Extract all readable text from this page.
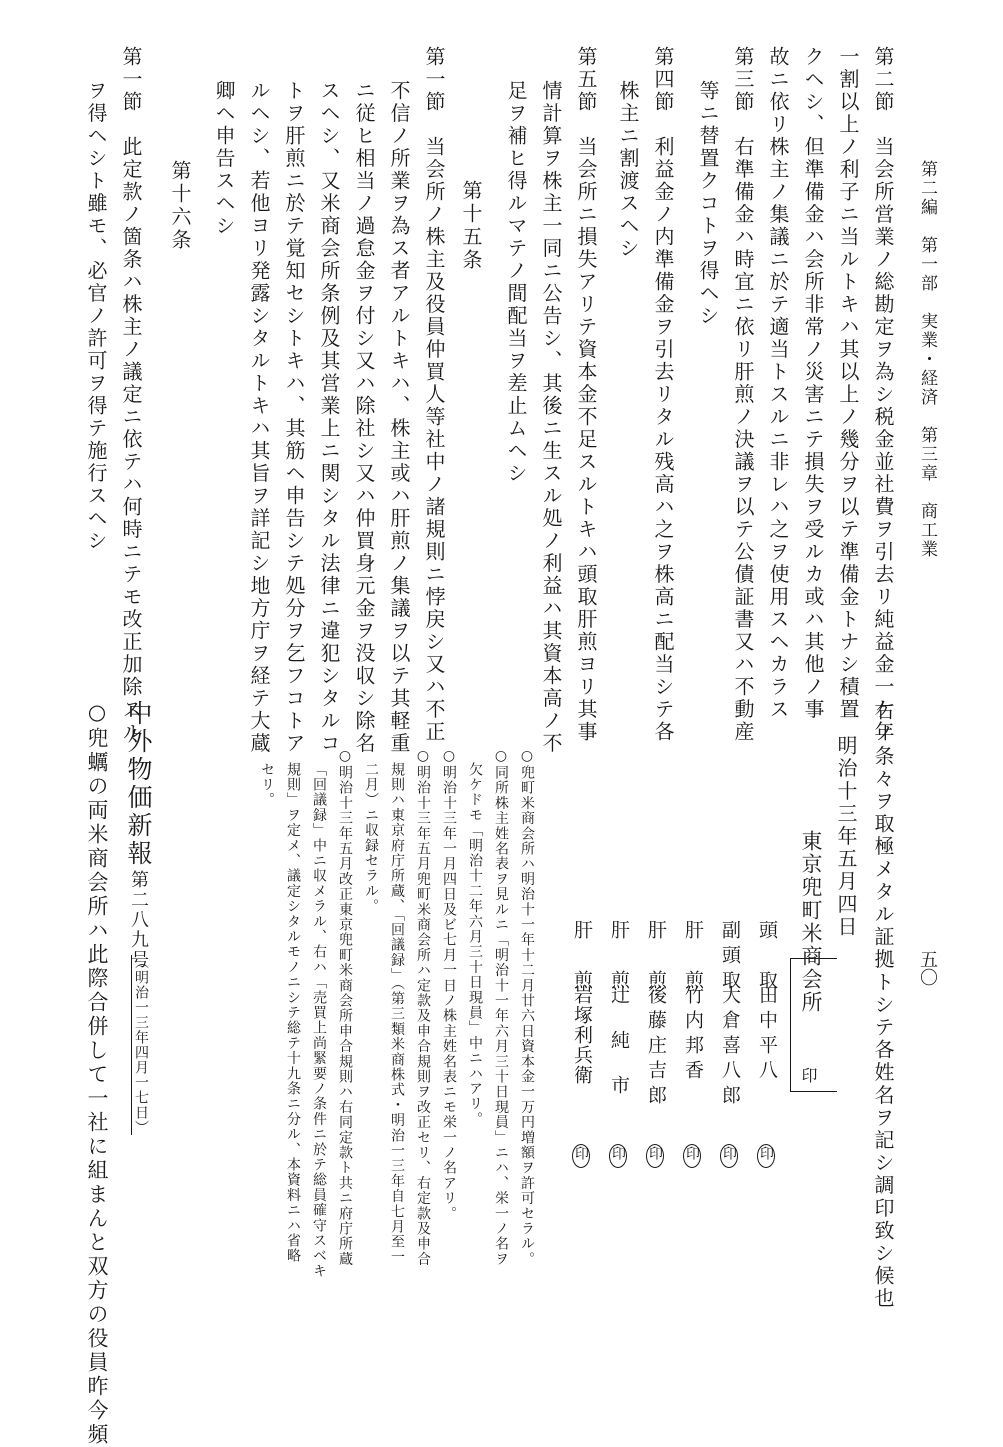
第二編　第一部　実業・経済　第三章　商工業
五〇
第二節　当会所営業ノ総勘定ヲ為シ税金並社費ヲ引去リ純益金一ケ年
一割以上ノ利子ニ当ルトキハ其以上ノ幾分ヲ以テ準備金トナシ積置
クヘシ、但準備金ハ会所非常ノ災害ニテ損失ヲ受ルカ或ハ其他ノ事
故ニ依リ株主ノ集議ニ於テ適当トスルニ非レハ之ヲ使用スヘカラス
第三節　右準備金ハ時宜ニ依リ肝煎ノ決議ヲ以テ公債証書又ハ不動産
等ニ替置クコトヲ得ヘシ
第四節　利益金ノ内準備金ヲ引去リタル残高ハ之ヲ株高ニ配当シテ各
株主ニ割渡スヘシ
第五節　当会所ニ損失アリテ資本金不足スルトキハ頭取肝煎ヨリ其事
情計算ヲ株主一同ニ公告シ、其後ニ生スル処ノ利益ハ其資本高ノ不
足ヲ補ヒ得ルマテノ間配当ヲ差止ムヘシ
第十五条
第一節　当会所ノ株主及役員仲買人等社中ノ諸規則ニ悖戻シ又ハ不正
不信ノ所業ヲ為ス者アルトキハ、株主或ハ肝煎ノ集議ヲ以テ其軽重
ニ従ヒ相当ノ過怠金ヲ付シ又ハ除社シ又ハ仲買身元金ヲ没収シ除名
スヘシ、又米商会所条例及其営業上ニ関シタル法律ニ違犯シタルコ
トヲ肝煎ニ於テ覚知セシトキハ、其筋ヘ申告シテ処分ヲ乞フコトア
ルヘシ、若他ヨリ発露シタルトキハ其旨ヲ詳記シ地方庁ヲ経テ大蔵
卿ヘ申告スヘシ
第十六条
第一節　此定款ノ箇条ハ株主ノ議定ニ依テハ何時ニテモ改正加除スル
ヲ得ヘシト雖モ、必官ノ許可ヲ得テ施行スヘシ
右ノ条々ヲ取極メタル証拠トシテ各姓名ヲ記シ調印致シ候也
明治十三年五月四日
東京兜町米商会所
印
頭　取
田中平八
印
副頭取
大倉喜八郎
印
肝　煎
竹内邦香
印
肝　煎
後藤庄吉郎
印
肝　煎
辻純市
印
肝　煎
岩塚利兵衛
印
○兜町米商会所ハ明治十一年十二月廿六日資本金一万円増額ヲ許可セラル。
○同所株主姓名表ヲ見ルニ「明治十一年六月三十日現員」ニハ、栄一ノ名ヲ
欠ケドモ「明治十二年六月三十日現員」中ニハアリ。
○明治十三年一月四日及ビ七月一日ノ株主姓名表ニモ栄一ノ名アリ。
○明治十三年五月兜町米商会所ハ定款及申合規則ヲ改正セリ、右定款及申合
規則ハ東京府庁所蔵、「回議録」（第三類米商株式・明治一三年自七月至一
二月）ニ収録セラル。
○明治十三年五月改正東京兜町米商会所申合規則ハ右同定款ト共ニ府庁所蔵
「回議録」中ニ収メラル、右ハ「売買上尚緊要ノ条件ニ於テ総員確守スベキ
規則」ヲ定メ、議定シタルモノニシテ総テ十九条ニ分ル、本資料ニハ省略
セリ。
中外物価新報
第二八九号
（明治一三年四月一七日）
○兜蠣の両米商会所ハ此際合併して一社に組まんと双方の役員昨今頻
